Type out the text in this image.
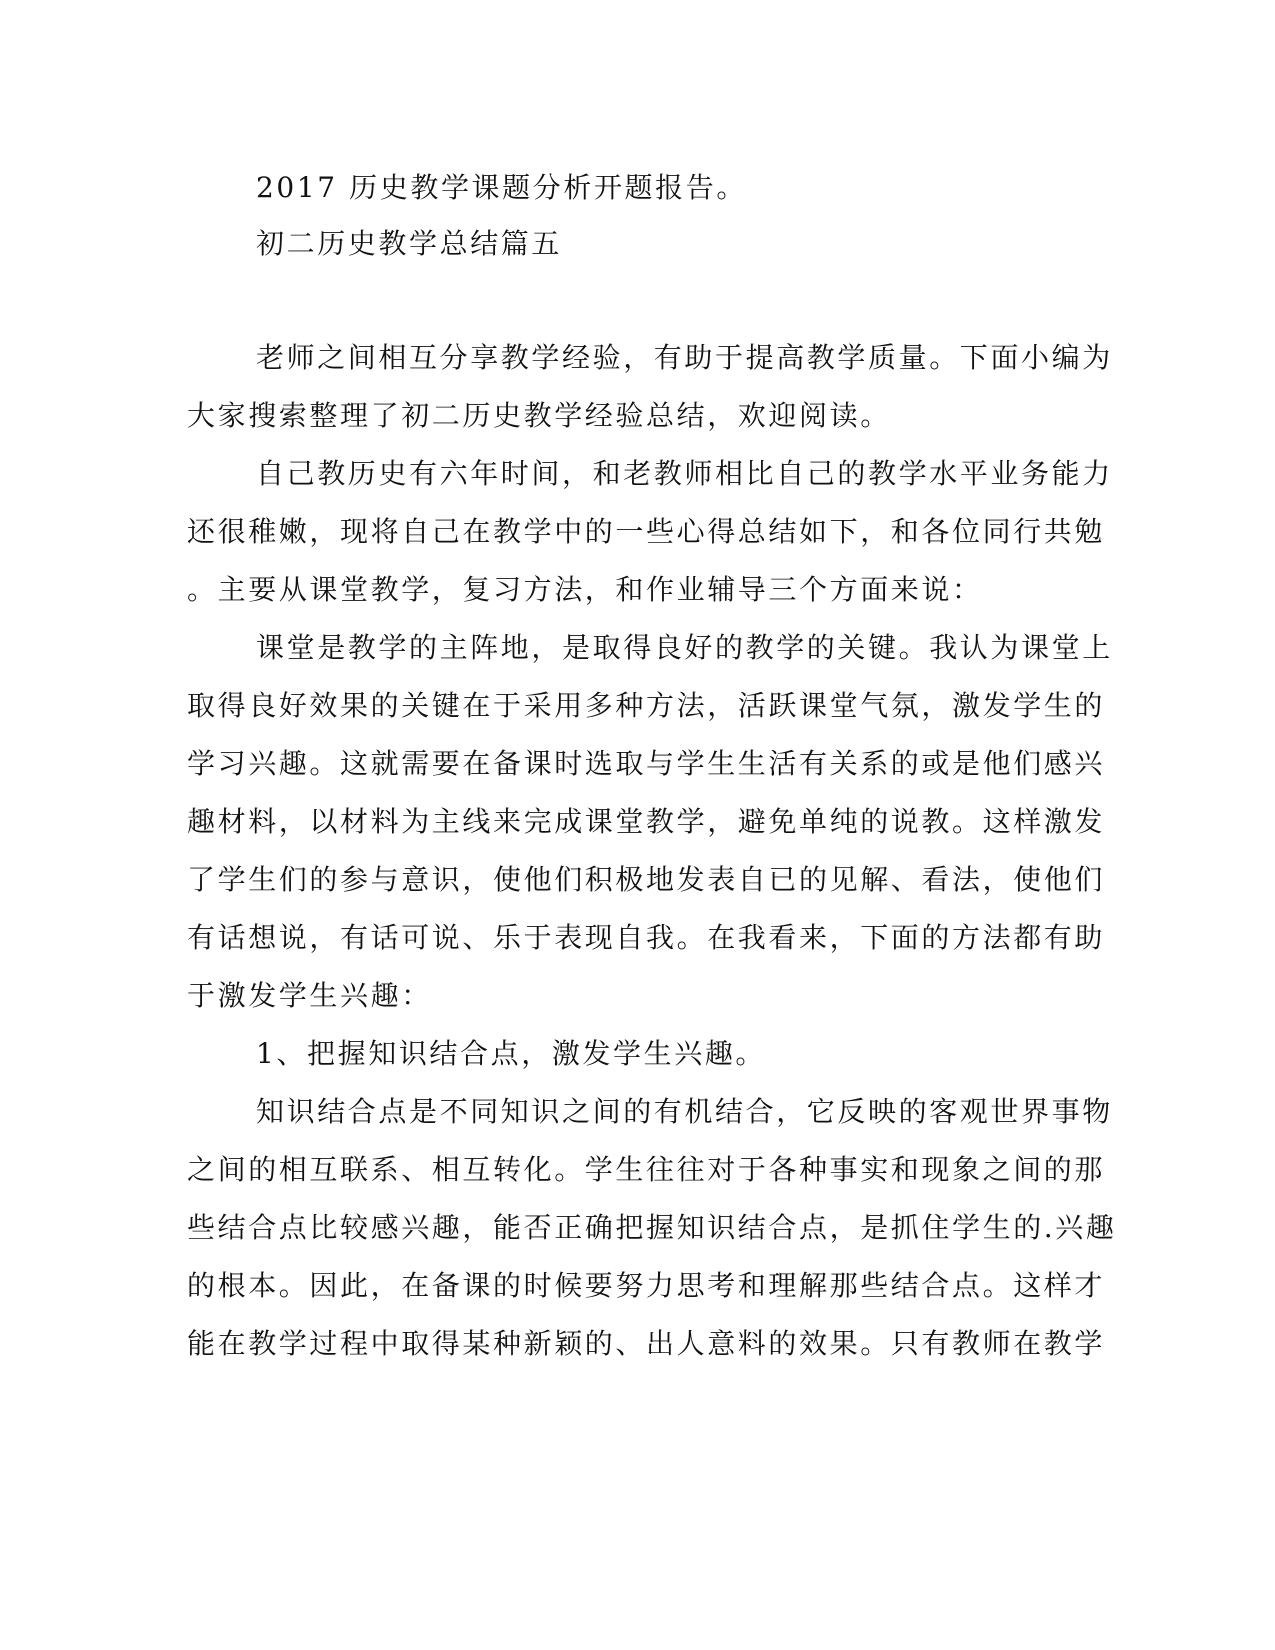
2017 历史教学课题分析开题报告。
初二历史教学总结篇五
老师之间相互分享教学经验，有助于提高教学质量。下面小编为
大家搜索整理了初二历史教学经验总结，欢迎阅读。
自己教历史有六年时间，和老教师相比自己的教学水平业务能力
还很稚嫩，现将自己在教学中的一些心得总结如下，和各位同行共勉
。主要从课堂教学，复习方法，和作业辅导三个方面来说：
课堂是教学的主阵地，是取得良好的教学的关键。我认为课堂上
取得良好效果的关键在于采用多种方法，活跃课堂气氛，激发学生的
学习兴趣。这就需要在备课时选取与学生生活有关系的或是他们感兴
趣材料，以材料为主线来完成课堂教学，避免单纯的说教。这样激发
了学生们的参与意识，使他们积极地发表自已的见解、看法，使他们
有话想说，有话可说、乐于表现自我。在我看来，下面的方法都有助
于激发学生兴趣：
1、把握知识结合点，激发学生兴趣。
知识结合点是不同知识之间的有机结合，它反映的客观世界事物
之间的相互联系、相互转化。学生往往对于各种事实和现象之间的那
些结合点比较感兴趣，能否正确把握知识结合点，是抓住学生的.兴趣
的根本。因此，在备课的时候要努力思考和理解那些结合点。这样才
能在教学过程中取得某种新颖的、出人意料的效果。只有教师在教学
